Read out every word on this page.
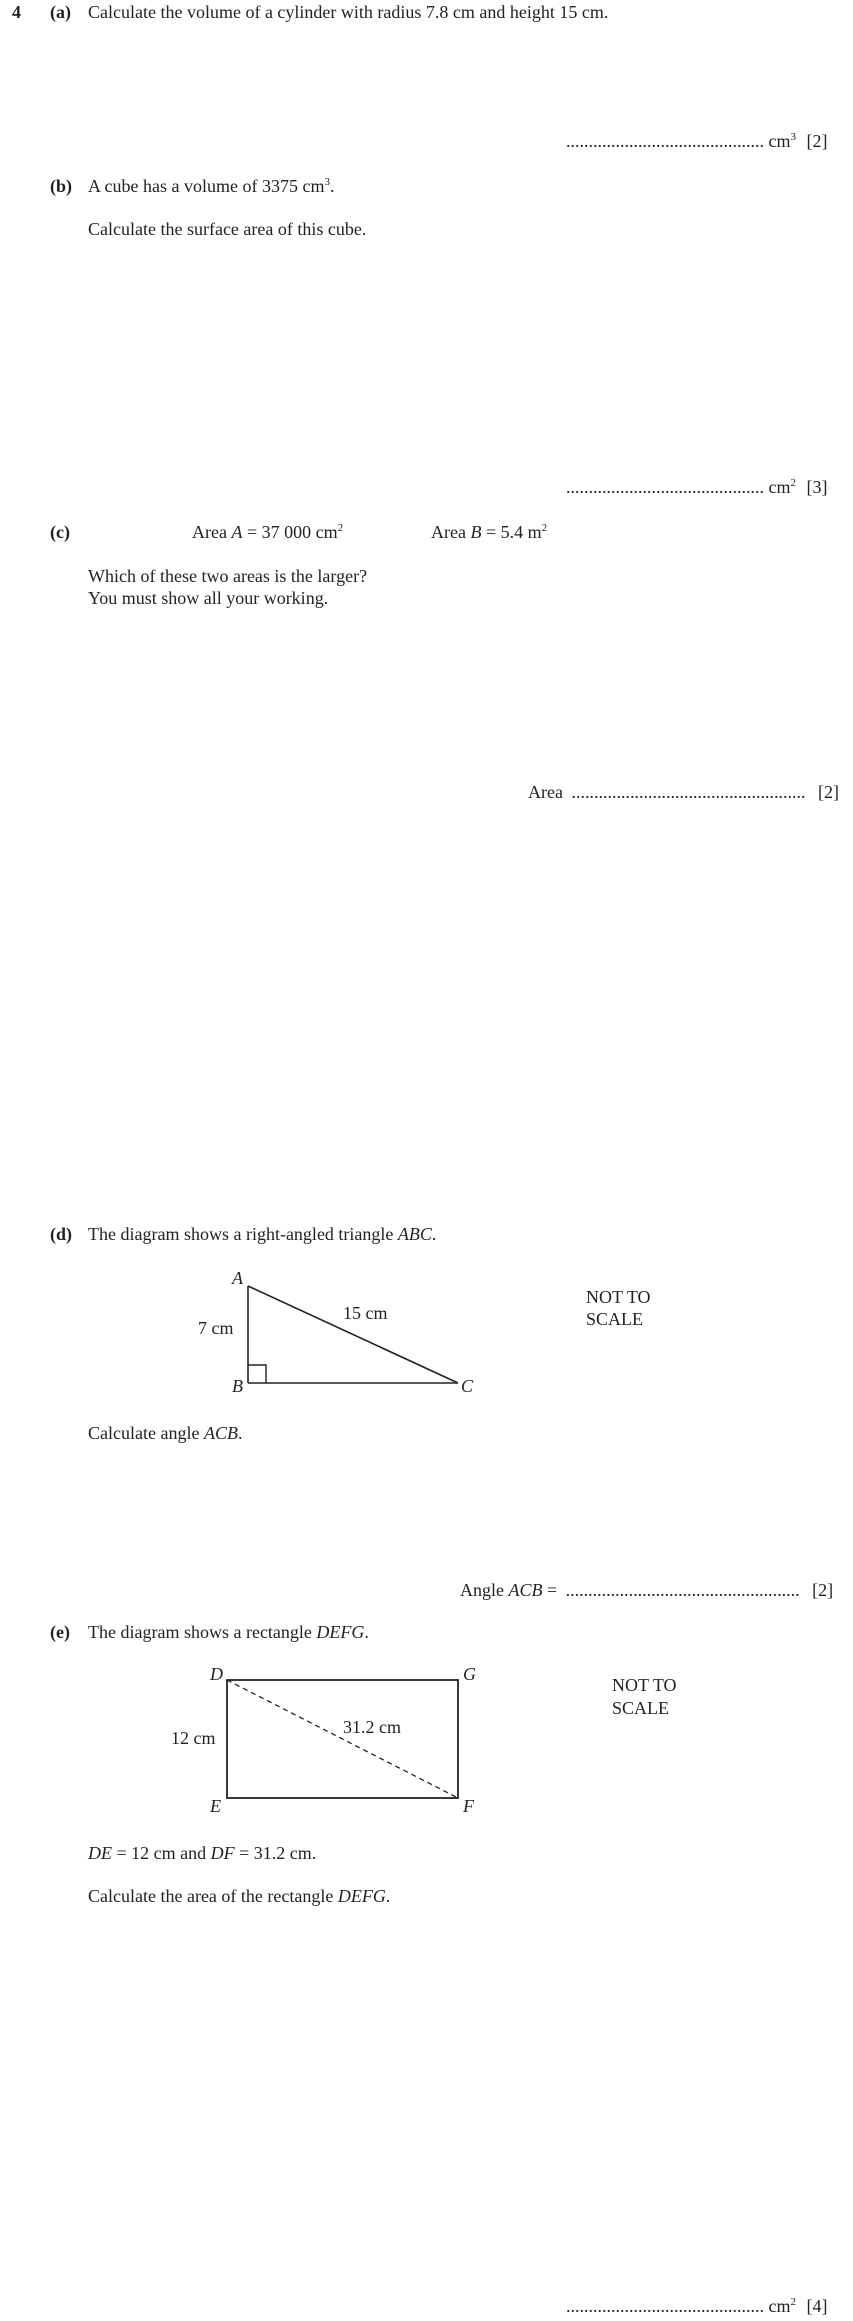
4 (a) Calculate the volume of a cylinder with radius 7.8 cm and height 15 cm.
............................................ $cm^3$ [2]
(b) A cube has a volume of 3375 $cm^3$.
Calculate the surface area of this cube.
............................................ $cm^2$ [3]
(c)	Area A = 37 000 $cm^2$	Area B = 5.4 $m^2$
Which of these two areas is the larger?
You must show all your working.
Area .................................................... [2]
(d) The diagram shows a right-angled triangle ABC.
A
B	C
7 cm
15 cm
NOT TO
SCALE
Calculate angle ACB.
Angle ACB = .................................................... [2]
(e) The diagram shows a rectangle DEFG.
D
E	F
G
12 cm
31.2 cm
NOT TO
SCALE
DE = 12 cm and DF = 31.2 cm.
Calculate the area of the rectangle DEFG.
............................................ $cm^2$ [4]
